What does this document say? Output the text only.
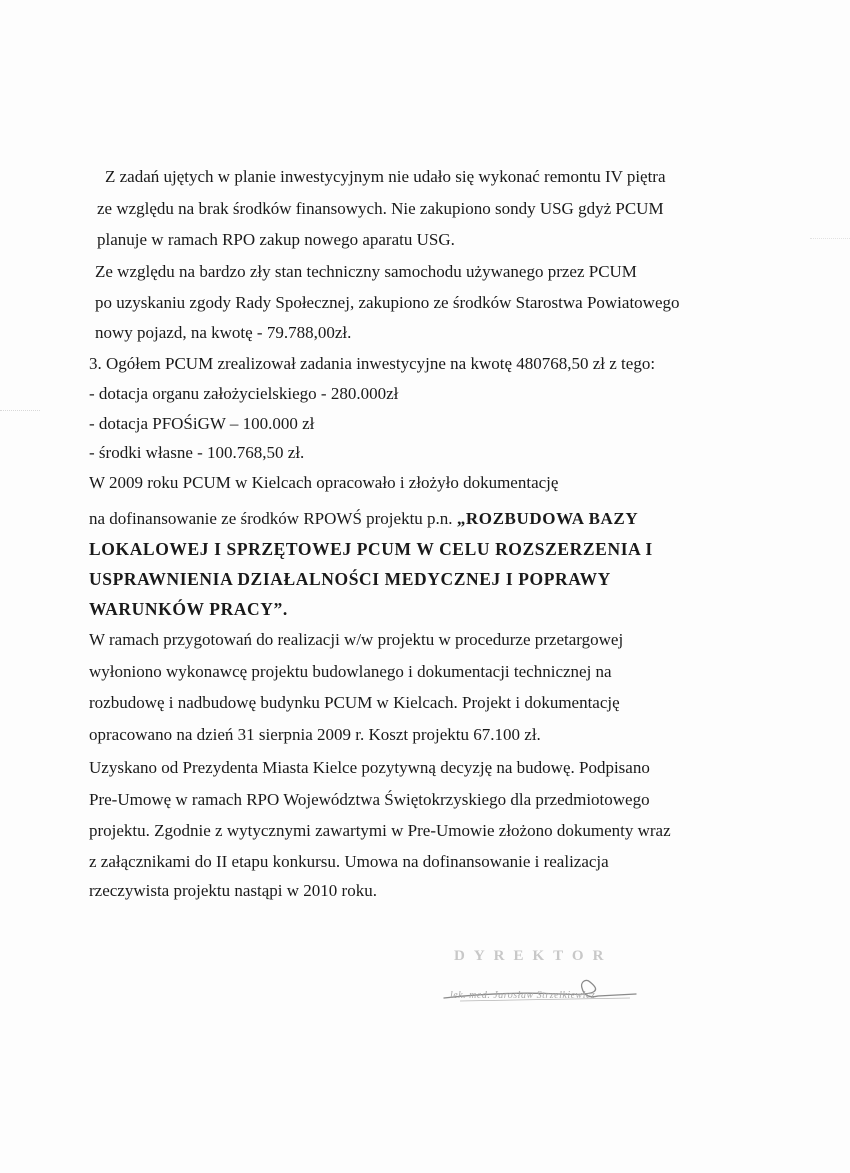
Z zadań ujętych w planie inwestycyjnym nie udało się wykonać remontu IV piętra
ze względu na brak środków finansowych. Nie zakupiono sondy USG gdyż PCUM
planuje w ramach RPO zakup nowego aparatu USG.
Ze względu na bardzo zły stan techniczny samochodu używanego przez PCUM
po uzyskaniu zgody Rady Społecznej, zakupiono ze środków Starostwa Powiatowego
nowy pojazd, na kwotę - 79.788,00zł.
3. Ogółem PCUM zrealizował zadania inwestycyjne na kwotę 480768,50 zł z tego:
- dotacja organu założycielskiego - 280.000zł
- dotacja PFOŚiGW – 100.000 zł
- środki własne - 100.768,50 zł.
W 2009 roku PCUM w Kielcach opracowało i złożyło dokumentację
na dofinansowanie ze środków RPOWŚ projektu p.n. „ROZBUDOWA BAZY
LOKALOWEJ I SPRZĘTOWEJ PCUM W CELU ROZSZERZENIA I
USPRAWNIENIA DZIAŁALNOŚCI MEDYCZNEJ I POPRAWY
WARUNKÓW PRACY”.
W ramach przygotowań do realizacji w/w projektu w procedurze przetargowej
wyłoniono wykonawcę projektu budowlanego i dokumentacji technicznej na
rozbudowę i nadbudowę budynku PCUM w Kielcach. Projekt i dokumentację
opracowano na dzień 31 sierpnia 2009 r. Koszt projektu 67.100 zł.
Uzyskano od Prezydenta Miasta Kielce pozytywną decyzję na budowę. Podpisano
Pre-Umowę w ramach RPO Województwa Świętokrzyskiego dla przedmiotowego
projektu. Zgodnie z wytycznymi zawartymi w Pre-Umowie złożono dokumenty wraz
z załącznikami do II etapu konkursu. Umowa na dofinansowanie i realizacja
rzeczywista projektu nastąpi w 2010 roku.
DYREKTOR
lek. med. Jarosław Strzelkiewicz
